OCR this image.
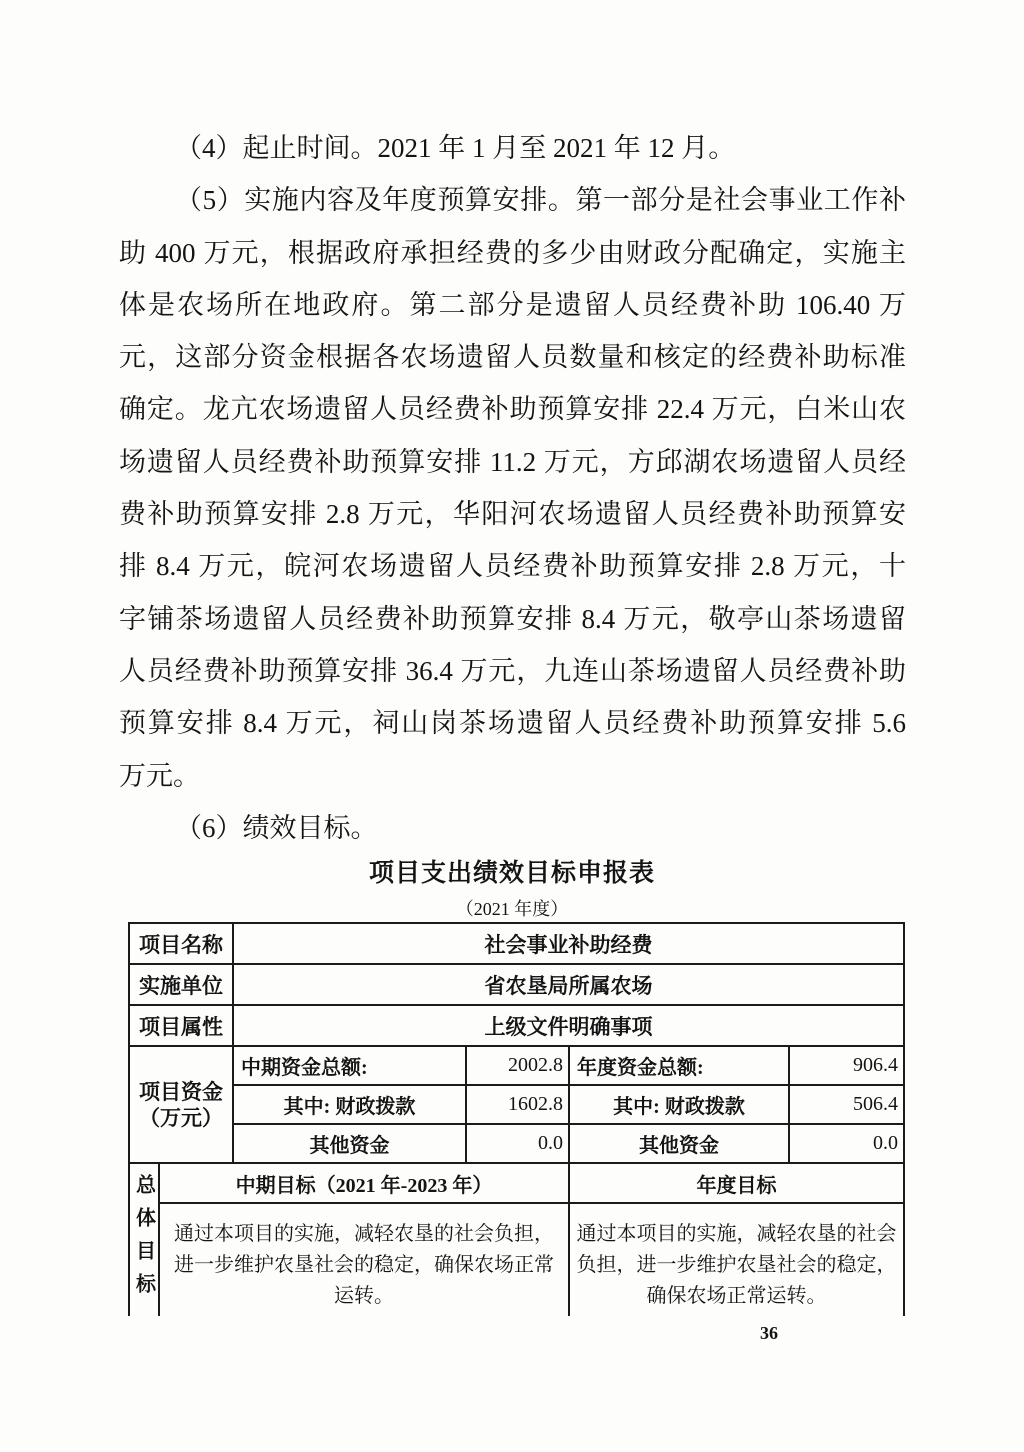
（4）起止时间。2021 年 1 月至 2021 年 12 月。
（5）实施内容及年度预算安排。第一部分是社会事业工作补
助 400 万元，根据政府承担经费的多少由财政分配确定，实施主
体是农场所在地政府。第二部分是遗留人员经费补助 106.40 万
元，这部分资金根据各农场遗留人员数量和核定的经费补助标准
确定。龙亢农场遗留人员经费补助预算安排 22.4 万元，白米山农
场遗留人员经费补助预算安排 11.2 万元，方邱湖农场遗留人员经
费补助预算安排 2.8 万元，华阳河农场遗留人员经费补助预算安
排 8.4 万元，皖河农场遗留人员经费补助预算安排 2.8 万元，十
字铺茶场遗留人员经费补助预算安排 8.4 万元，敬亭山茶场遗留
人员经费补助预算安排 36.4 万元，九连山茶场遗留人员经费补助
预算安排 8.4 万元，祠山岗茶场遗留人员经费补助预算安排 5.6
万元。
（6）绩效目标。
项目支出绩效目标申报表
（2021 年度）
项目名称	社会事业补助经费
实施单位	省农垦局所属农场
项目属性	上级文件明确事项
项目资金
（万元）
中期资金总额:	2002.8 年度资金总额:	906.4
其中: 财政拨款	1602.8	其中: 财政拨款	506.4
其他资金	0.0	其他资金	0.0
总体目标	中期目标（2021 年-2023 年）	年度目标
通过本项目的实施，减轻农垦的社会负担，进一步维护农垦社会的稳定，确保农场正常运转。
通过本项目的实施，减轻农垦的社会负担，进一步维护农垦社会的稳定，确保农场正常运转。
36
